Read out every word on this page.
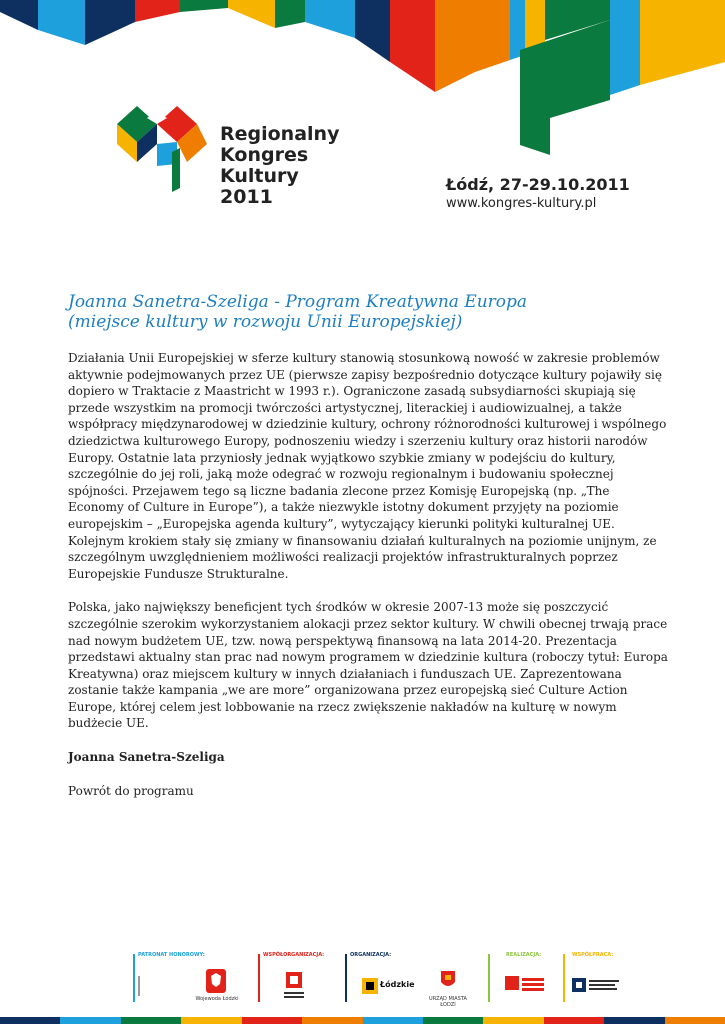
Regionalny
Kongres
Kultury
2011
Łódź, 27-29.10.2011
www.kongres-kultury.pl
Joanna Sanetra-Szeliga - Program Kreatywna Europa
(miejsce kultury w rozwoju Unii Europejskiej)

Działania Unii Europejskiej w sferze kultury stanowią stosunkową nowość w zakresie problemów aktywnie podejmowanych przez UE (pierwsze zapisy bezpośrednio dotyczące kultury pojawiły się dopiero w Traktacie z Maastricht w 1993 r.). Ograniczone zasadą subsydiarności skupiają się przede wszystkim na promocji twórczości artystycznej, literackiej i audiowizualnej, a także współpracy międzynarodowej w dziedzinie kultury, ochrony różnorodności kulturowej i wspólnego dziedzictwa kulturowego Europy, podnoszeniu wiedzy i szerzeniu kultury oraz historii narodów Europy. Ostatnie lata przyniosły jednak wyjątkowo szybkie zmiany w podejściu do kultury, szczególnie do jej roli, jaką może odegrać w rozwoju regionalnym i budowaniu społecznej spójności. Przejawem tego są liczne badania zlecone przez Komisję Europejską (np. „The Economy of Culture in Europe”), a także niezwykle istotny dokument przyjęty na poziomie europejskim – „Europejska agenda kultury”, wytyczający kierunki polityki kulturalnej UE. Kolejnym krokiem stały się zmiany w finansowaniu działań kulturalnych na poziomie unijnym, ze szczególnym uwzględnieniem możliwości realizacji projektów infrastrukturalnych poprzez Europejskie Fundusze Strukturalne.

Polska, jako największy beneficjent tych środków w okresie 2007-13 może się poszczycić szczególnie szerokim wykorzystaniem alokacji przez sektor kultury. W chwili obecnej trwają prace nad nowym budżetem UE, tzw. nową perspektywą finansową na lata 2014-20. Prezentacja przedstawi aktualny stan prac nad nowym programem w dziedzinie kultura (roboczy tytuł: Europa Kreatywna) oraz miejscem kultury w innych działaniach i funduszach UE. Zaprezentowana zostanie także kampania „we are more” organizowana przez europejską sieć Culture Action Europe, której celem jest lobbowanie na rzecz zwiększenie nakładów na kulturę w nowym budżecie UE.

Joanna Sanetra-Szeliga

Powrót do programu

PATRONAT HONOROWY:
Wojewoda Łódzki
WSPÓŁORGANIZACJA:	ORGANIZACJA:
Łódzkie
URZĄD MIASTA ŁODZI
REALIZACJA:	WSPÓŁPRACA:
